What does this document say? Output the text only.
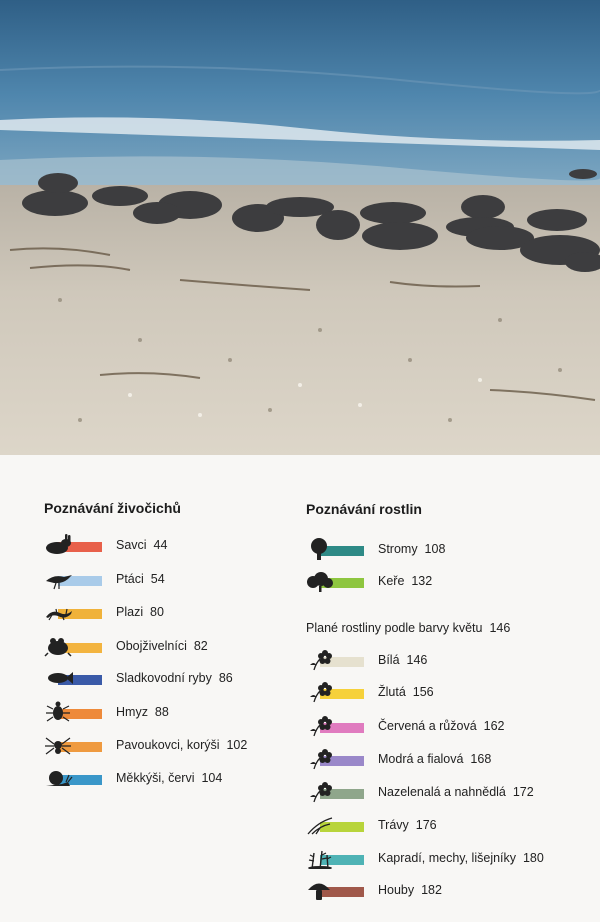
Poznávání živočichů
Savci 44
Ptáci 54
Plazi 80
Obojživelníci 82
Sladkovodní ryby 86
Hmyz 88
Pavoukovci, korýši 102
Měkkýši, červi 104
Poznávání rostlin
Stromy 108
Keře 132
Plané rostliny podle barvy květu 146
Bílá 146
Žlutá 156
Červená a růžová 162
Modrá a fialová 168
Nazelenalá a nahnědlá 172
Trávy 176
Kapradí, mechy, lišejníky 180
Houby 182
